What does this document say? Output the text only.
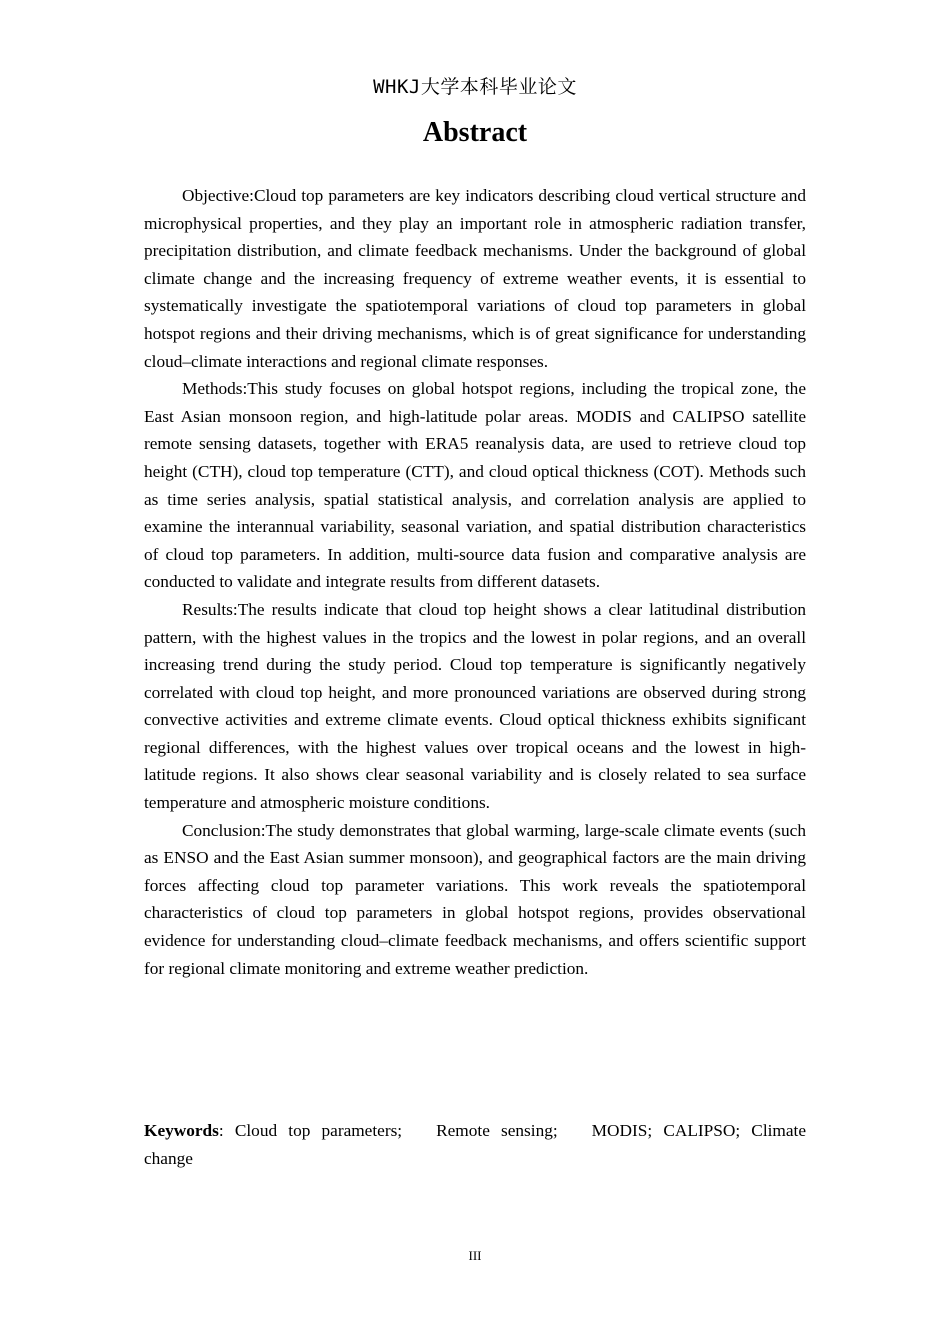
WHKJ大学本科毕业论文
Abstract

Objective:Cloud top parameters are key indicators describing cloud vertical structure and microphysical properties, and they play an important role in atmospheric radiation transfer, precipitation distribution, and climate feedback mechanisms. Under the background of global climate change and the increasing frequency of extreme weather events, it is essential to systematically investigate the spatiotemporal variations of cloud top parameters in global hotspot regions and their driving mechanisms, which is of great significance for understanding cloud–climate interactions and regional climate responses.

Methods:This study focuses on global hotspot regions, including the tropical zone, the East Asian monsoon region, and high-latitude polar areas. MODIS and CALIPSO satellite remote sensing datasets, together with ERA5 reanalysis data, are used to retrieve cloud top height (CTH), cloud top temperature (CTT), and cloud optical thickness (COT). Methods such as time series analysis, spatial statistical analysis, and correlation analysis are applied to examine the interannual variability, seasonal variation, and spatial distribution characteristics of cloud top parameters. In addition, multi-source data fusion and comparative analysis are conducted to validate and integrate results from different datasets.

Results:The results indicate that cloud top height shows a clear latitudinal distribution pattern, with the highest values in the tropics and the lowest in polar regions, and an overall increasing trend during the study period. Cloud top temperature is significantly negatively correlated with cloud top height, and more pronounced variations are observed during strong convective activities and extreme climate events. Cloud optical thickness exhibits significant regional differences, with the highest values over tropical oceans and the lowest in high-latitude regions. It also shows clear seasonal variability and is closely related to sea surface temperature and atmospheric moisture conditions.

Conclusion:The study demonstrates that global warming, large-scale climate events (such as ENSO and the East Asian summer monsoon), and geographical factors are the main driving forces affecting cloud top parameter variations. This work reveals the spatiotemporal characteristics of cloud top parameters in global hotspot regions, provides observational evidence for understanding cloud–climate feedback mechanisms, and offers scientific support for regional climate monitoring and extreme weather prediction.

Keywords: Cloud top parameters; Remote sensing; MODIS; CALIPSO; Climate change
III
